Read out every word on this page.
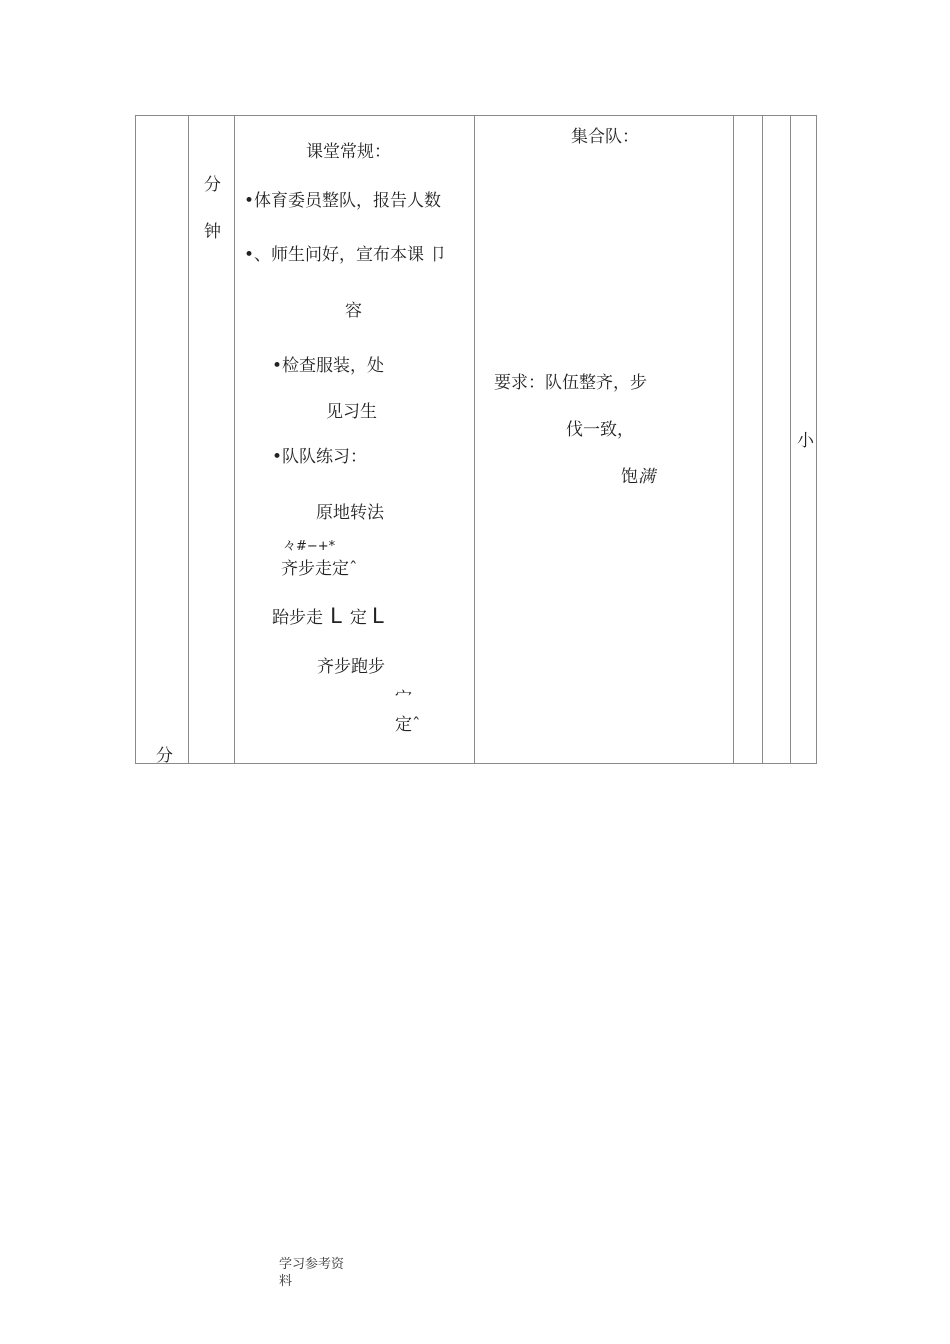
分
分
钟
课堂常规：
•体育委员整队，报告人数
•、师生问好，宣布本课 卩
容
•检查服装，处
见习生
•队队练习：
原地转法
々#−+*
齐步走定ˆ
跆步走 L 定 L
齐步跑步
宀
定ˆ
集合队：
要求：队伍整齐，步
伐一致，
饱满
小
学习参考资
料
